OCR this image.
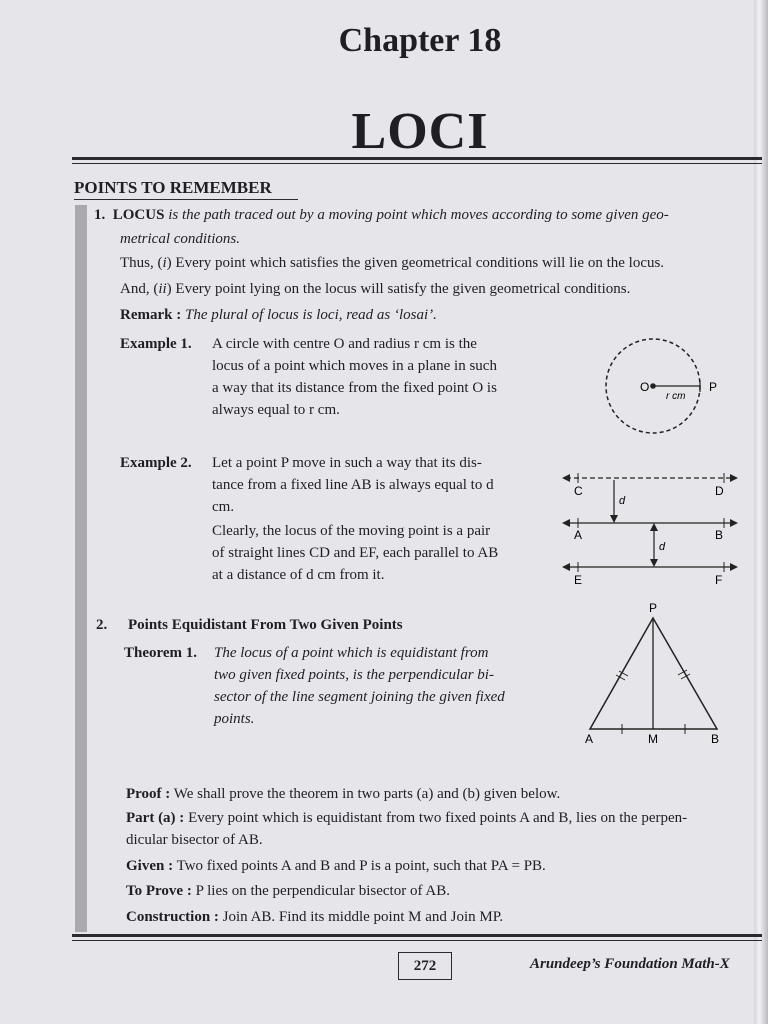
Chapter 18
LOCI
POINTS TO REMEMBER
1. LOCUS is the path traced out by a moving point which moves according to some given geo-
metrical conditions.
Thus, (i) Every point which satisfies the given geometrical conditions will lie on the locus.
And, (ii) Every point lying on the locus will satisfy the given geometrical conditions.
Remark : The plural of locus is loci, read as ‘losai’.
Example 1. A circle with centre O and radius r cm is the
locus of a point which moves in a plane in such
a way that its distance from the fixed point O is
always equal to r cm.
O	P
r cm
Example 2. Let a point P move in such a way that its dis-
tance from a fixed line AB is always equal to d
cm.
Clearly, the locus of the moving point is a pair
of straight lines CD and EF, each parallel to AB
at a distance of d cm from it.
C	D
A	B
E	F
d
d
2. Points Equidistant From Two Given Points
Theorem 1. The locus of a point which is equidistant from
two given fixed points, is the perpendicular bi-
sector of the line segment joining the given fixed
points.
P
A	M	B
Proof : We shall prove the theorem in two parts (a) and (b) given below.
Part (a) : Every point which is equidistant from two fixed points A and B, lies on the perpen-
dicular bisector of AB.
Given : Two fixed points A and B and P is a point, such that PA = PB.
To Prove : P lies on the perpendicular bisector of AB.
Construction : Join AB. Find its middle point M and Join MP.
272	Arundeep’s Foundation Math-X
